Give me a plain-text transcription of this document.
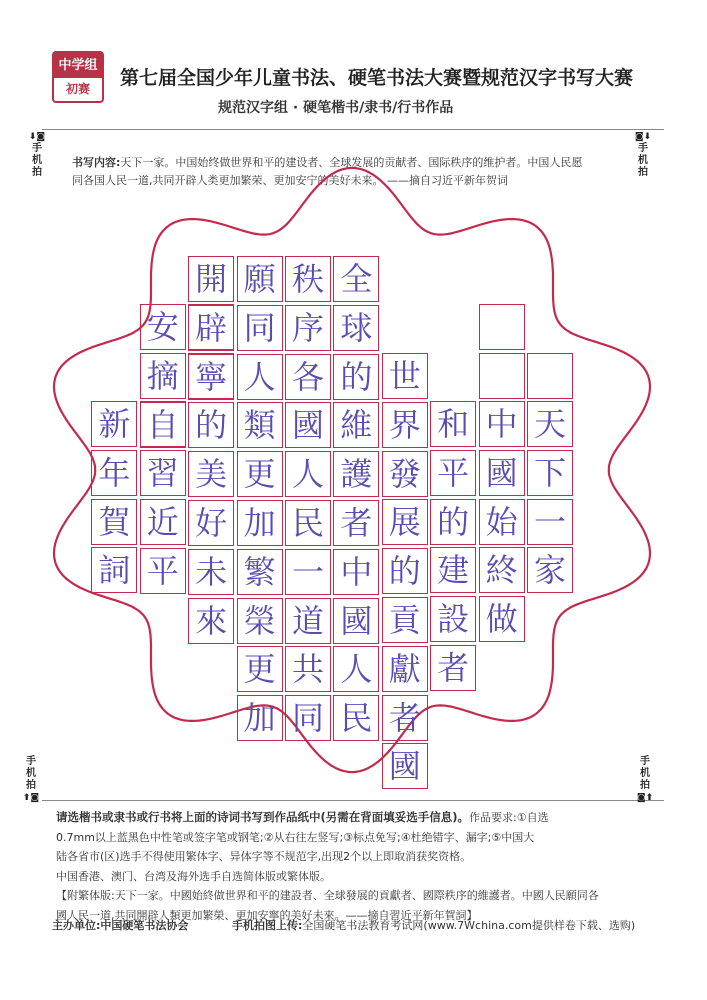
中学组
初赛	第七届全国少年儿童书法、硬笔书法大赛暨规范汉字书写大赛
规范汉字组 · 硬笔楷书/隶书/行书作品
⬇◙
手机拍
◙⬇
手机拍
手机拍
⬆◙
手机拍
◙⬆
书写内容:天下一家。中国始终做世界和平的建设者、全球发展的贡献者、国际秩序的维护者。中国人民愿
同各国人民一道,共同开辟人类更加繁荣、更加安宁的美好未来。 ——摘自习近平新年贺词
天
下
一
家
中
國
始
終
做
和
平
的
建
設
者
世
界
發
展
的
貢
獻
者
國
全
球
的
維
護
者
中
國
人
民
秩
序
各
國
人
民
一
道
共
同
願
同
人
類
更
加
繁
榮
更
加
開
辟
寧
的
美
好
未
來
安
摘
自
習
近
平
新
年
賀
詞
请选楷书或隶书或行书将上面的诗词书写到作品纸中(另需在背面填妥选手信息)。作品要求:①自选
0.7mm以上蓝黑色中性笔或签字笔或钢笔;②从右往左竖写;③标点免写;④杜绝错字、漏字;⑤中国大
陆各省市(区)选手不得使用繁体字、异体字等不规范字,出现2个以上即取消获奖资格。
中国香港、澳门、台湾及海外选手自选简体版或繁体版。
【附繁体版:天下一家。中國始終做世界和平的建設者、全球發展的貢獻者、國際秩序的維護者。中國人民願同各
國人民一道,共同開辟人類更加繁榮、更加安寧的美好未來。——摘自習近平新年賀詞】
主办单位:中国硬笔书法协会	手机拍图上传:全国硬笔书法教育考试网(www.7Wchina.com提供样卷下载、选购)
